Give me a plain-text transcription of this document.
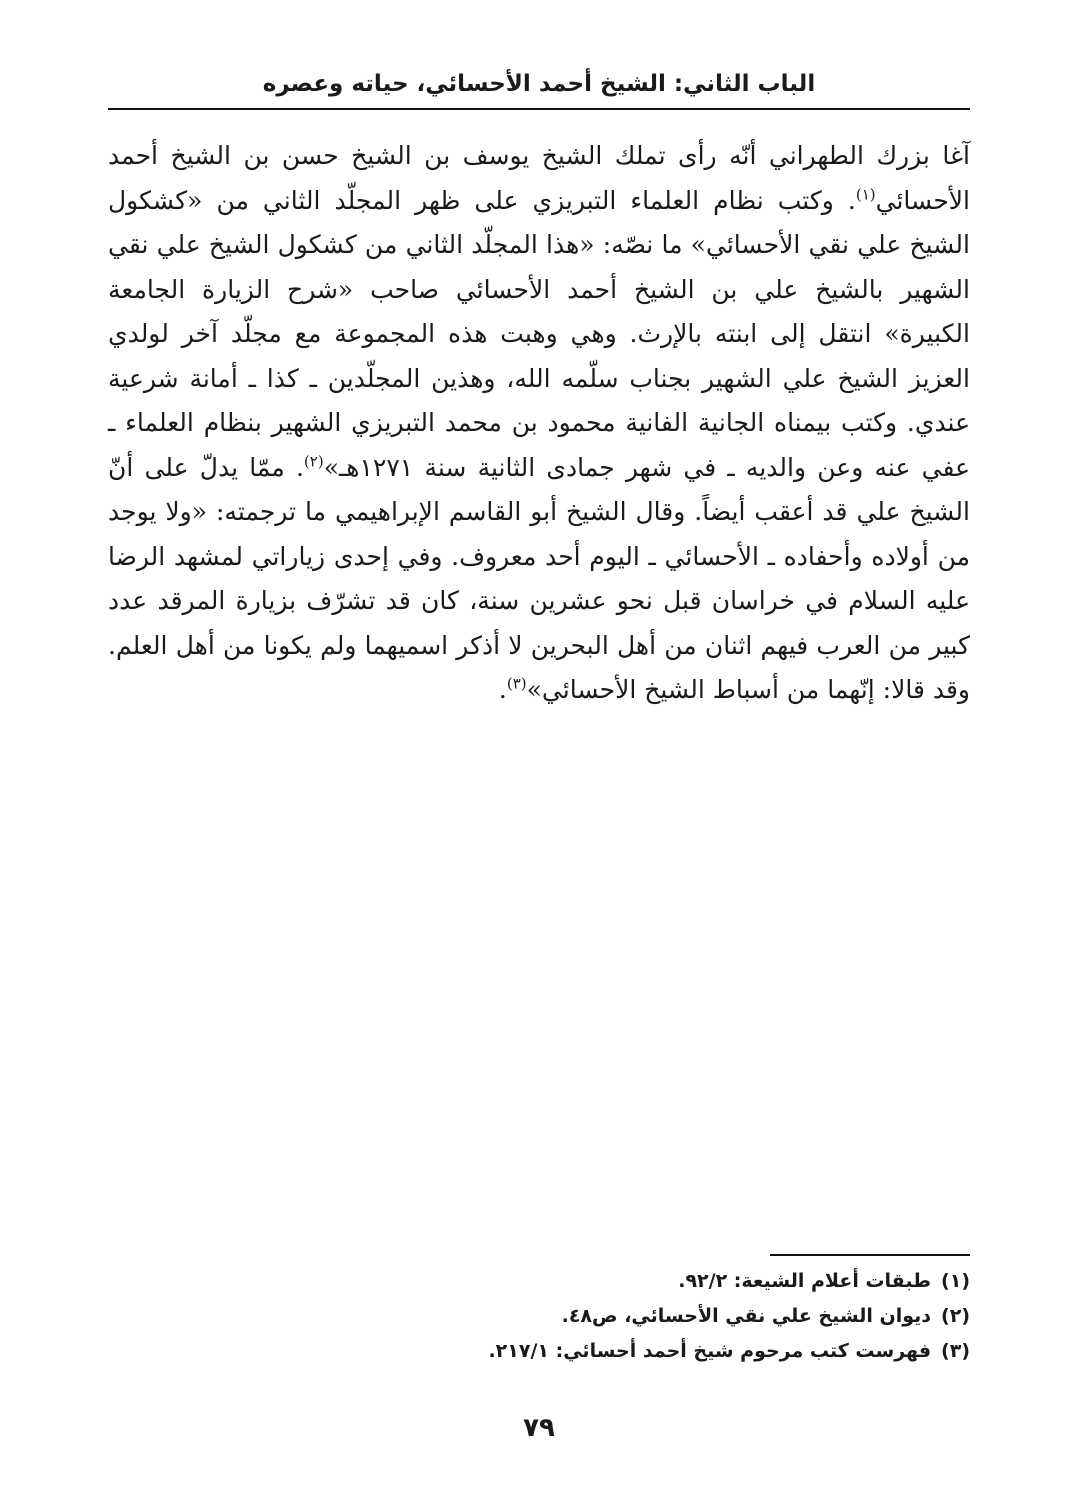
الباب الثاني: الشيخ أحمد الأحسائي، حياته وعصره

آغا بزرك الطهراني أنّه رأى تملك الشيخ يوسف بن الشيخ حسن بن الشيخ أحمد الأحسائي$^{(١)}$. وكتب نظام العلماء التبريزي على ظهر المجلّد الثاني من «كشكول الشيخ علي نقي الأحسائي» ما نصّه: «هذا المجلّد الثاني من كشكول الشيخ علي نقي الشهير بالشيخ علي بن الشيخ أحمد الأحسائي صاحب «شرح الزيارة الجامعة الكبيرة» انتقل إلى ابنته بالإرث. وهي وهبت هذه المجموعة مع مجلّد آخر لولدي العزيز الشيخ علي الشهير بجناب سلّمه الله، وهذين المجلّدين ـ كذا ـ أمانة شرعية عندي. وكتب بيمناه الجانية الفانية محمود بن محمد التبريزي الشهير بنظام العلماء ـ عفي عنه وعن والديه ـ في شهر جمادى الثانية سنة ١٢٧١هـ»$^{(٢)}$. ممّا يدلّ على أنّ الشيخ علي قد أعقب أيضاً. وقال الشيخ أبو القاسم الإبراهيمي ما ترجمته: «ولا يوجد من أولاده وأحفاده ـ الأحسائي ـ اليوم أحد معروف. وفي إحدى زياراتي لمشهد الرضا عليه السلام في خراسان قبل نحو عشرين سنة، كان قد تشرّف بزيارة المرقد عدد كبير من العرب فيهم اثنان من أهل البحرين لا أذكر اسميهما ولم يكونا من أهل العلم. وقد قالا: إنّهما من أسباط الشيخ الأحسائي»$^{(٣)}$.

(١)طبقات أعلام الشيعة: ٩٢/٢.
(٢)ديوان الشيخ علي نقي الأحسائي، ص٤٨.
(٣)فهرست كتب مرحوم شيخ أحمد أحسائي: ٢١٧/١.
٧٩
